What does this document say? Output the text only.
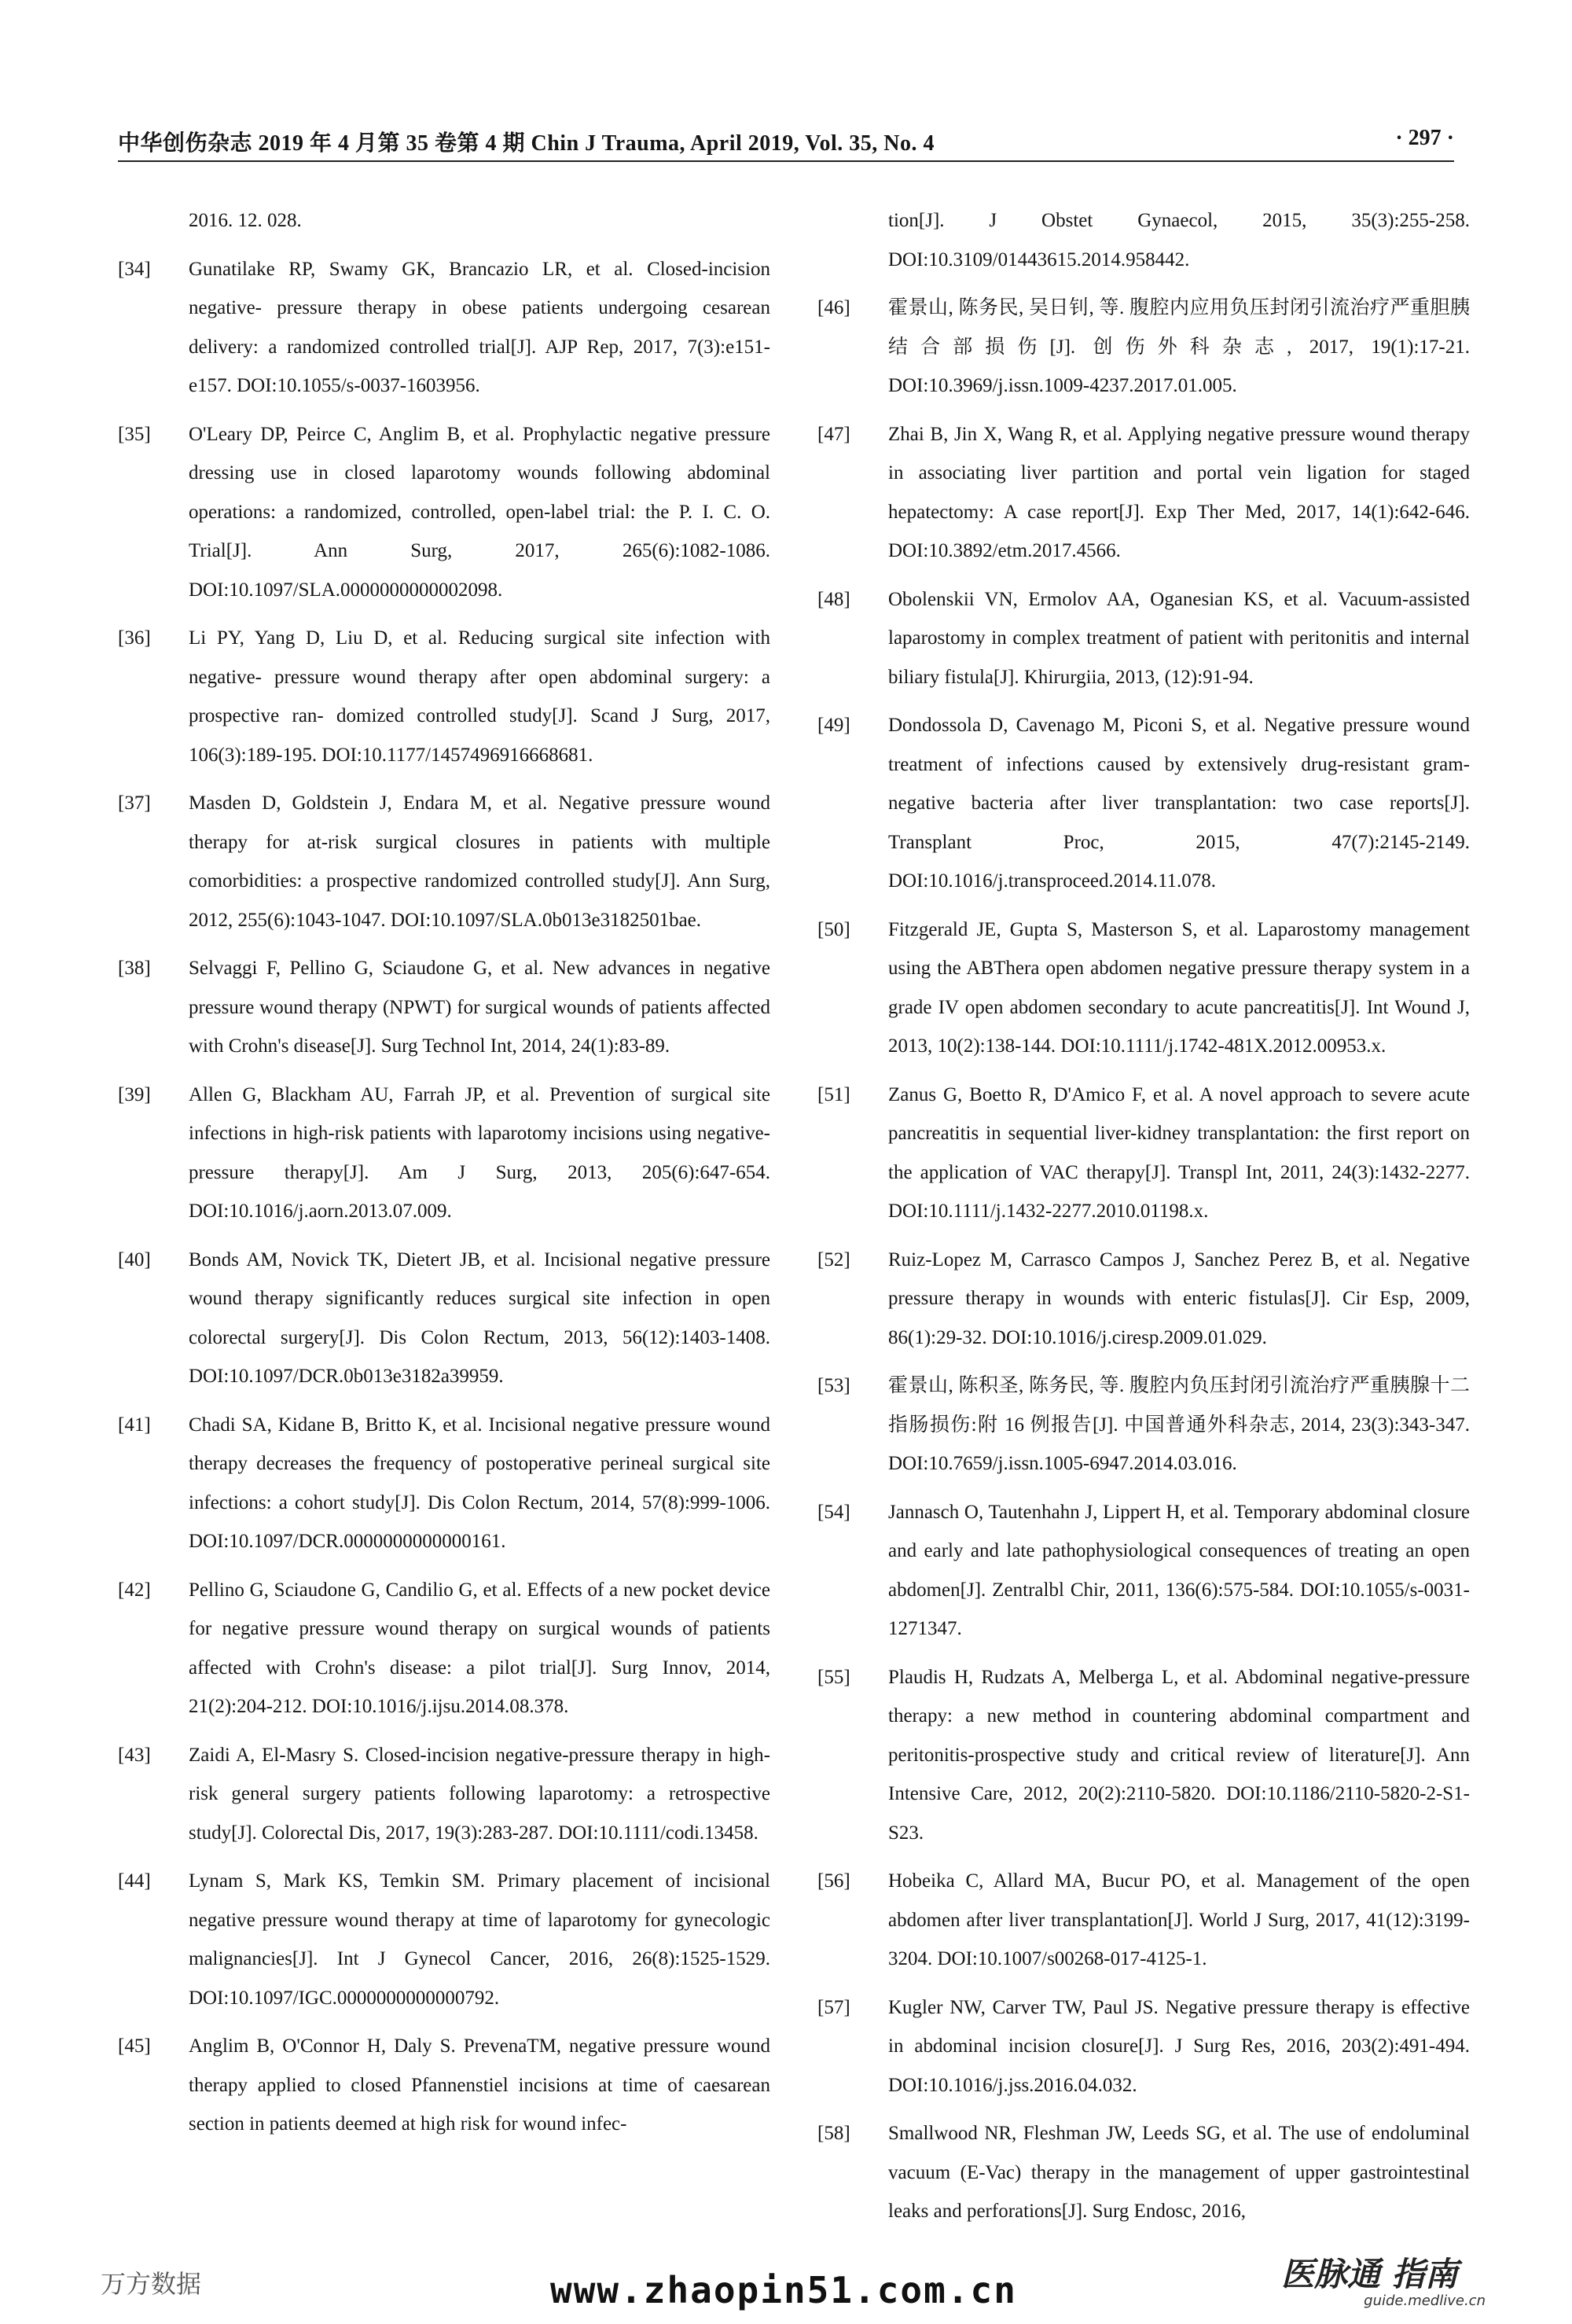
中华创伤杂志 2019 年 4 月第 35 卷第 4 期 Chin J Trauma, April 2019, Vol. 35, No. 4	· 297 ·
2016. 12. 028.
[34]	Gunatilake RP, Swamy GK, Brancazio LR, et al. Closed-incision negative- pressure therapy in obese patients undergoing cesarean delivery: a randomized controlled trial[J]. AJP Rep, 2017, 7(3):e151-e157. DOI:10.1055/s-0037-1603956.
[35]	O'Leary DP, Peirce C, Anglim B, et al. Prophylactic negative pressure dressing use in closed laparotomy wounds following abdominal operations: a randomized, controlled, open-label trial: the P. I. C. O. Trial[J]. Ann Surg, 2017, 265(6):1082-1086. DOI:10.1097/SLA.0000000000002098.
[36]	Li PY, Yang D, Liu D, et al. Reducing surgical site infection with negative- pressure wound therapy after open abdominal surgery: a prospective ran- domized controlled study[J]. Scand J Surg, 2017, 106(3):189-195. DOI:10.1177/1457496916668681.
[37]	Masden D, Goldstein J, Endara M, et al. Negative pressure wound therapy for at-risk surgical closures in patients with multiple comorbidities: a prospective randomized controlled study[J]. Ann Surg, 2012, 255(6):1043-1047. DOI:10.1097/SLA.0b013e3182501bae.
[38]	Selvaggi F, Pellino G, Sciaudone G, et al. New advances in negative pressure wound therapy (NPWT) for surgical wounds of patients affected with Crohn's disease[J]. Surg Technol Int, 2014, 24(1):83-89.
[39]	Allen G, Blackham AU, Farrah JP, et al. Prevention of surgical site infections in high-risk patients with laparotomy incisions using negative-pressure therapy[J]. Am J Surg, 2013, 205(6):647-654. DOI:10.1016/j.aorn.2013.07.009.
[40]	Bonds AM, Novick TK, Dietert JB, et al. Incisional negative pressure wound therapy significantly reduces surgical site infection in open colorectal surgery[J]. Dis Colon Rectum, 2013, 56(12):1403-1408. DOI:10.1097/DCR.0b013e3182a39959.
[41]	Chadi SA, Kidane B, Britto K, et al. Incisional negative pressure wound therapy decreases the frequency of postoperative perineal surgical site infections: a cohort study[J]. Dis Colon Rectum, 2014, 57(8):999-1006. DOI:10.1097/DCR.0000000000000161.
[42]	Pellino G, Sciaudone G, Candilio G, et al. Effects of a new pocket device for negative pressure wound therapy on surgical wounds of patients affected with Crohn's disease: a pilot trial[J]. Surg Innov, 2014, 21(2):204-212. DOI:10.1016/j.ijsu.2014.08.378.
[43]	Zaidi A, El-Masry S. Closed-incision negative-pressure therapy in high-risk general surgery patients following laparotomy: a retrospective study[J]. Colorectal Dis, 2017, 19(3):283-287. DOI:10.1111/codi.13458.
[44]	Lynam S, Mark KS, Temkin SM. Primary placement of incisional negative pressure wound therapy at time of laparotomy for gynecologic malignancies[J]. Int J Gynecol Cancer, 2016, 26(8):1525-1529. DOI:10.1097/IGC.0000000000000792.
[45]	Anglim B, O'Connor H, Daly S. PrevenaTM, negative pressure wound therapy applied to closed Pfannenstiel incisions at time of caesarean section in patients deemed at high risk for wound infec-
tion[J]. J Obstet Gynaecol, 2015, 35(3):255-258. DOI:10.3109/01443615.2014.958442.
[46]	霍景山, 陈务民, 吴日钊, 等. 腹腔内应用负压封闭引流治疗严重胆胰结合部损伤[J]. 创伤外科杂志, 2017, 19(1):17-21. DOI:10.3969/j.issn.1009-4237.2017.01.005.
[47]	Zhai B, Jin X, Wang R, et al. Applying negative pressure wound therapy in associating liver partition and portal vein ligation for staged hepatectomy: A case report[J]. Exp Ther Med, 2017, 14(1):642-646. DOI:10.3892/etm.2017.4566.
[48]	Obolenskii VN, Ermolov AA, Oganesian KS, et al. Vacuum-assisted laparostomy in complex treatment of patient with peritonitis and internal biliary fistula[J]. Khirurgiia, 2013, (12):91-94.
[49]	Dondossola D, Cavenago M, Piconi S, et al. Negative pressure wound treatment of infections caused by extensively drug-resistant gram-negative bacteria after liver transplantation: two case reports[J]. Transplant Proc, 2015, 47(7):2145-2149. DOI:10.1016/j.transproceed.2014.11.078.
[50]	Fitzgerald JE, Gupta S, Masterson S, et al. Laparostomy management using the ABThera open abdomen negative pressure therapy system in a grade IV open abdomen secondary to acute pancreatitis[J]. Int Wound J, 2013, 10(2):138-144. DOI:10.1111/j.1742-481X.2012.00953.x.
[51]	Zanus G, Boetto R, D'Amico F, et al. A novel approach to severe acute pancreatitis in sequential liver-kidney transplantation: the first report on the application of VAC therapy[J]. Transpl Int, 2011, 24(3):1432-2277. DOI:10.1111/j.1432-2277.2010.01198.x.
[52]	Ruiz-Lopez M, Carrasco Campos J, Sanchez Perez B, et al. Negative pressure therapy in wounds with enteric fistulas[J]. Cir Esp, 2009, 86(1):29-32. DOI:10.1016/j.ciresp.2009.01.029.
[53]	霍景山, 陈积圣, 陈务民, 等. 腹腔内负压封闭引流治疗严重胰腺十二指肠损伤:附 16 例报告[J]. 中国普通外科杂志, 2014, 23(3):343-347. DOI:10.7659/j.issn.1005-6947.2014.03.016.
[54]	Jannasch O, Tautenhahn J, Lippert H, et al. Temporary abdominal closure and early and late pathophysiological consequences of treating an open abdomen[J]. Zentralbl Chir, 2011, 136(6):575-584. DOI:10.1055/s-0031-1271347.
[55]	Plaudis H, Rudzats A, Melberga L, et al. Abdominal negative-pressure therapy: a new method in countering abdominal compartment and peritonitis-prospective study and critical review of literature[J]. Ann Intensive Care, 2012, 20(2):2110-5820. DOI:10.1186/2110-5820-2-S1-S23.
[56]	Hobeika C, Allard MA, Bucur PO, et al. Management of the open abdomen after liver transplantation[J]. World J Surg, 2017, 41(12):3199-3204. DOI:10.1007/s00268-017-4125-1.
[57]	Kugler NW, Carver TW, Paul JS. Negative pressure therapy is effective in abdominal incision closure[J]. J Surg Res, 2016, 203(2):491-494. DOI:10.1016/j.jss.2016.04.032.
[58]	Smallwood NR, Fleshman JW, Leeds SG, et al. The use of endoluminal vacuum (E-Vac) therapy in the management of upper gastrointestinal leaks and perforations[J]. Surg Endosc, 2016,
万方数据	www.zhaopin51.com.cn	医脉通 指南
guide.medlive.cn
